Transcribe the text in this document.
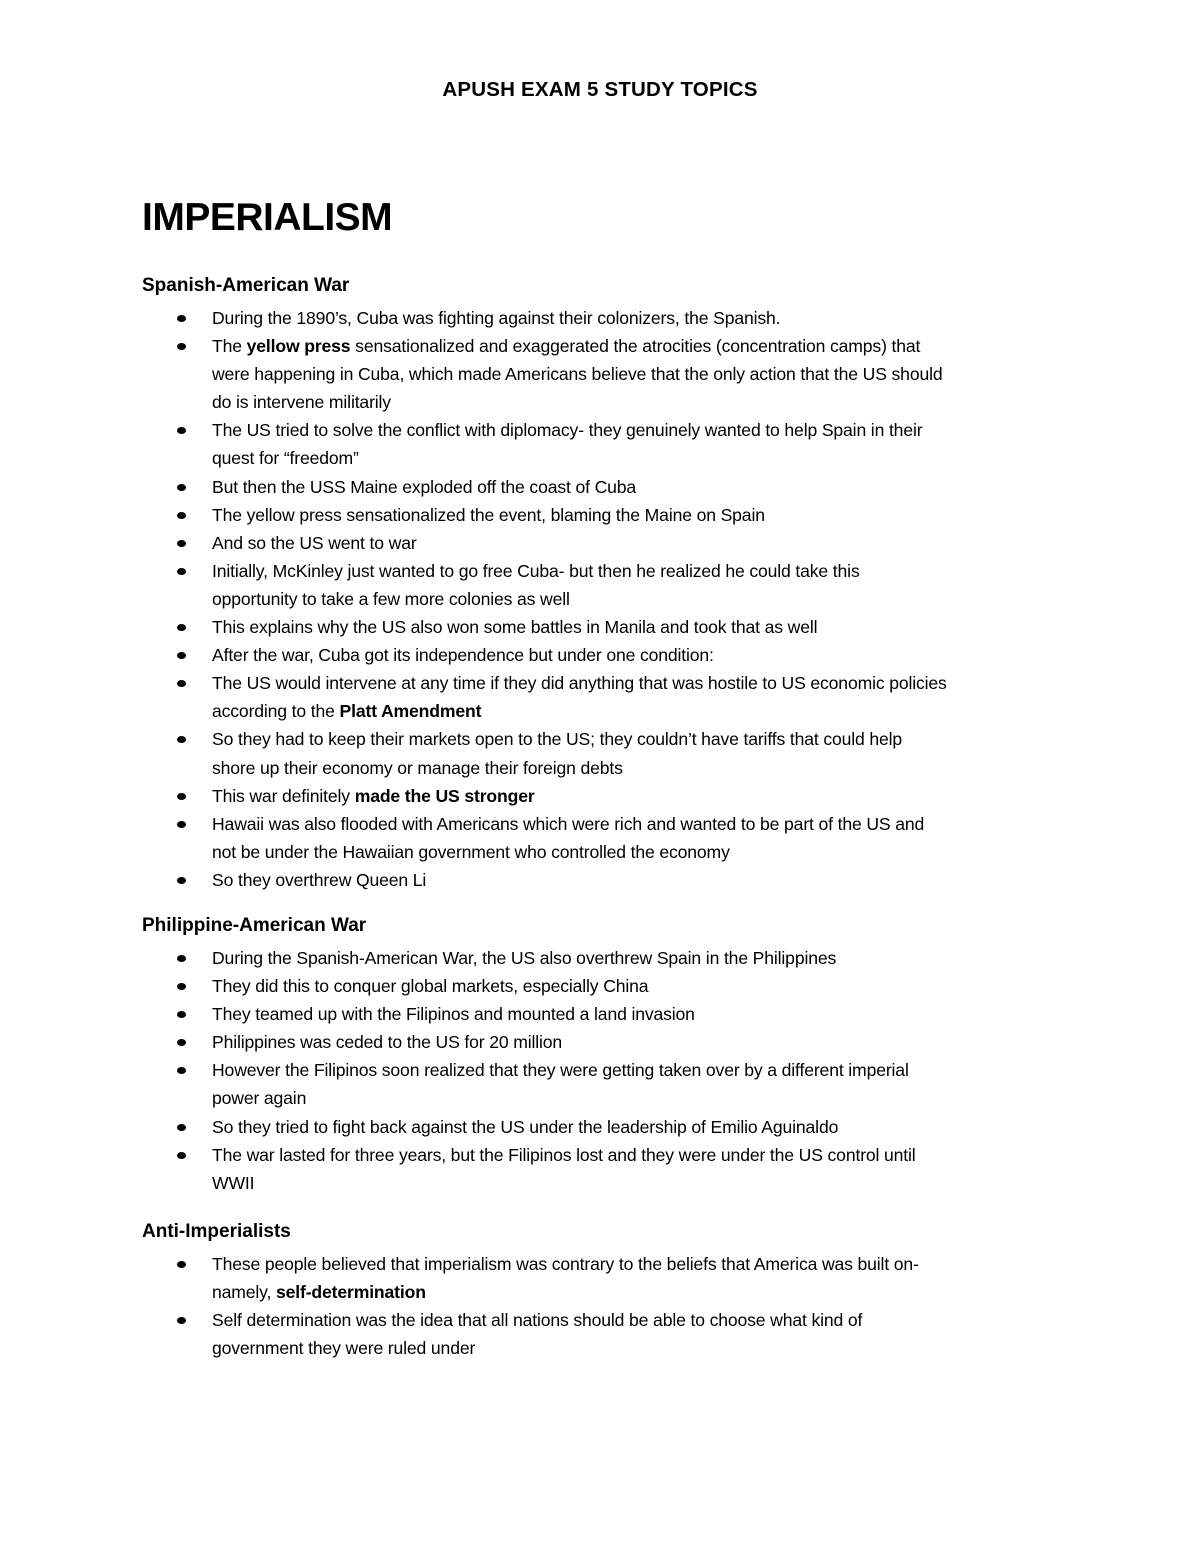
APUSH EXAM 5 STUDY TOPICS
IMPERIALISM
Spanish-American War
During the 1890’s, Cuba was fighting against their colonizers, the Spanish.
The yellow press sensationalized and exaggerated the atrocities (concentration camps) that
were happening in Cuba, which made Americans believe that the only action that the US should
do is intervene militarily
The US tried to solve the conflict with diplomacy- they genuinely wanted to help Spain in their
quest for “freedom”
But then the USS Maine exploded off the coast of Cuba
The yellow press sensationalized the event, blaming the Maine on Spain
And so the US went to war
Initially, McKinley just wanted to go free Cuba- but then he realized he could take this
opportunity to take a few more colonies as well
This explains why the US also won some battles in Manila and took that as well
After the war, Cuba got its independence but under one condition:
The US would intervene at any time if they did anything that was hostile to US economic policies
according to the Platt Amendment
So they had to keep their markets open to the US; they couldn’t have tariffs that could help
shore up their economy or manage their foreign debts
This war definitely made the US stronger
Hawaii was also flooded with Americans which were rich and wanted to be part of the US and
not be under the Hawaiian government who controlled the economy
So they overthrew Queen Li
Philippine-American War
During the Spanish-American War, the US also overthrew Spain in the Philippines
They did this to conquer global markets, especially China
They teamed up with the Filipinos and mounted a land invasion
Philippines was ceded to the US for 20 million
However the Filipinos soon realized that they were getting taken over by a different imperial
power again
So they tried to fight back against the US under the leadership of Emilio Aguinaldo
The war lasted for three years, but the Filipinos lost and they were under the US control until
WWII
Anti-Imperialists
These people believed that imperialism was contrary to the beliefs that America was built on-
namely, self-determination
Self determination was the idea that all nations should be able to choose what kind of
government they were ruled under
